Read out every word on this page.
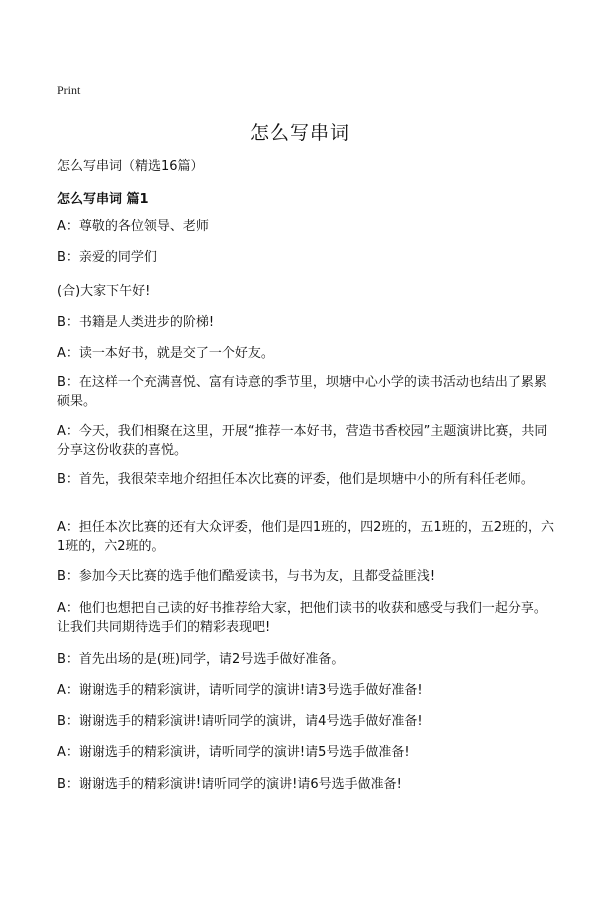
Print
怎么写串词
怎么写串词（精选16篇）
怎么写串词 篇1

A：尊敬的各位领导、老师

B：亲爱的同学们

(合)大家下午好!

B：书籍是人类进步的阶梯!

A：读一本好书，就是交了一个好友。

B：在这样一个充满喜悦、富有诗意的季节里，坝塘中心小学的读书活动也结出了累累硕果。

A：今天，我们相聚在这里，开展“推荐一本好书，营造书香校园”主题演讲比赛，共同分享这份收获的喜悦。

B：首先，我很荣幸地介绍担任本次比赛的评委，他们是坝塘中小的所有科任老师。

A：担任本次比赛的还有大众评委，他们是四1班的，四2班的，五1班的，五2班的，六1班的，六2班的。

B：参加今天比赛的选手他们酷爱读书，与书为友，且都受益匪浅!

A：他们也想把自己读的好书推荐给大家，把他们读书的收获和感受与我们一起分享。让我们共同期待选手们的精彩表现吧!

B：首先出场的是(班)同学，请2号选手做好准备。

A：谢谢选手的精彩演讲，请听同学的演讲!请3号选手做好准备!

B：谢谢选手的精彩演讲!请听同学的演讲，请4号选手做好准备!

A：谢谢选手的精彩演讲，请听同学的演讲!请5号选手做准备!

B：谢谢选手的精彩演讲!请听同学的演讲!请6号选手做准备!
